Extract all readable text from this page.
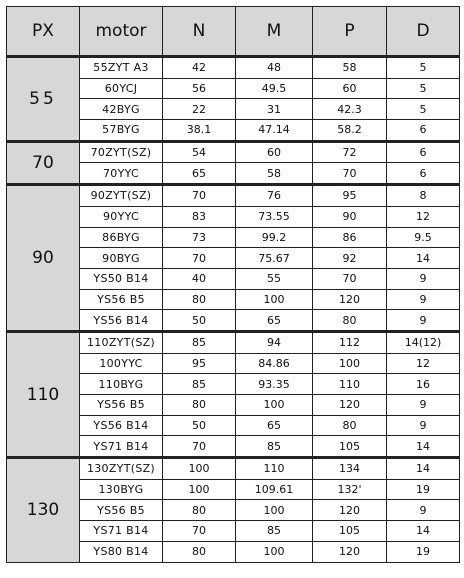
PX	motor	N	M	P	D
55	55ZYT A3	42	48	58	5
	60YCJ	56	49.5	60	5
	42BYG	22	31	42.3	5
	57BYG	38.1	47.14	58.2	6
70	70ZYT(SZ)	54	60	72	6
	70YYC	65	58	70	6
90	90ZYT(SZ)	70	76	95	8
	90YYC	83	73.55	90	12
	86BYG	73	99.2	86	9.5
	90BYG	70	75.67	92	14
	YS50 B14	40	55	70	9
	YS56 B5	80	100	120	9
	YS56 B14	50	65	80	9
110	110ZYT(SZ)	85	94	112	14(12)
	100YYC	95	84.86	100	12
	110BYG	85	93.35	110	16
	YS56 B5	80	100	120	9
	YS56 B14	50	65	80	9
	YS71 B14	70	85	105	14
130	130ZYT(SZ)	100	110	134	14
	130BYG	100	109.61	132'	19
	YS56 B5	80	100	120	9
	YS71 B14	70	85	105	14
	YS80 B14	80	100	120	19
